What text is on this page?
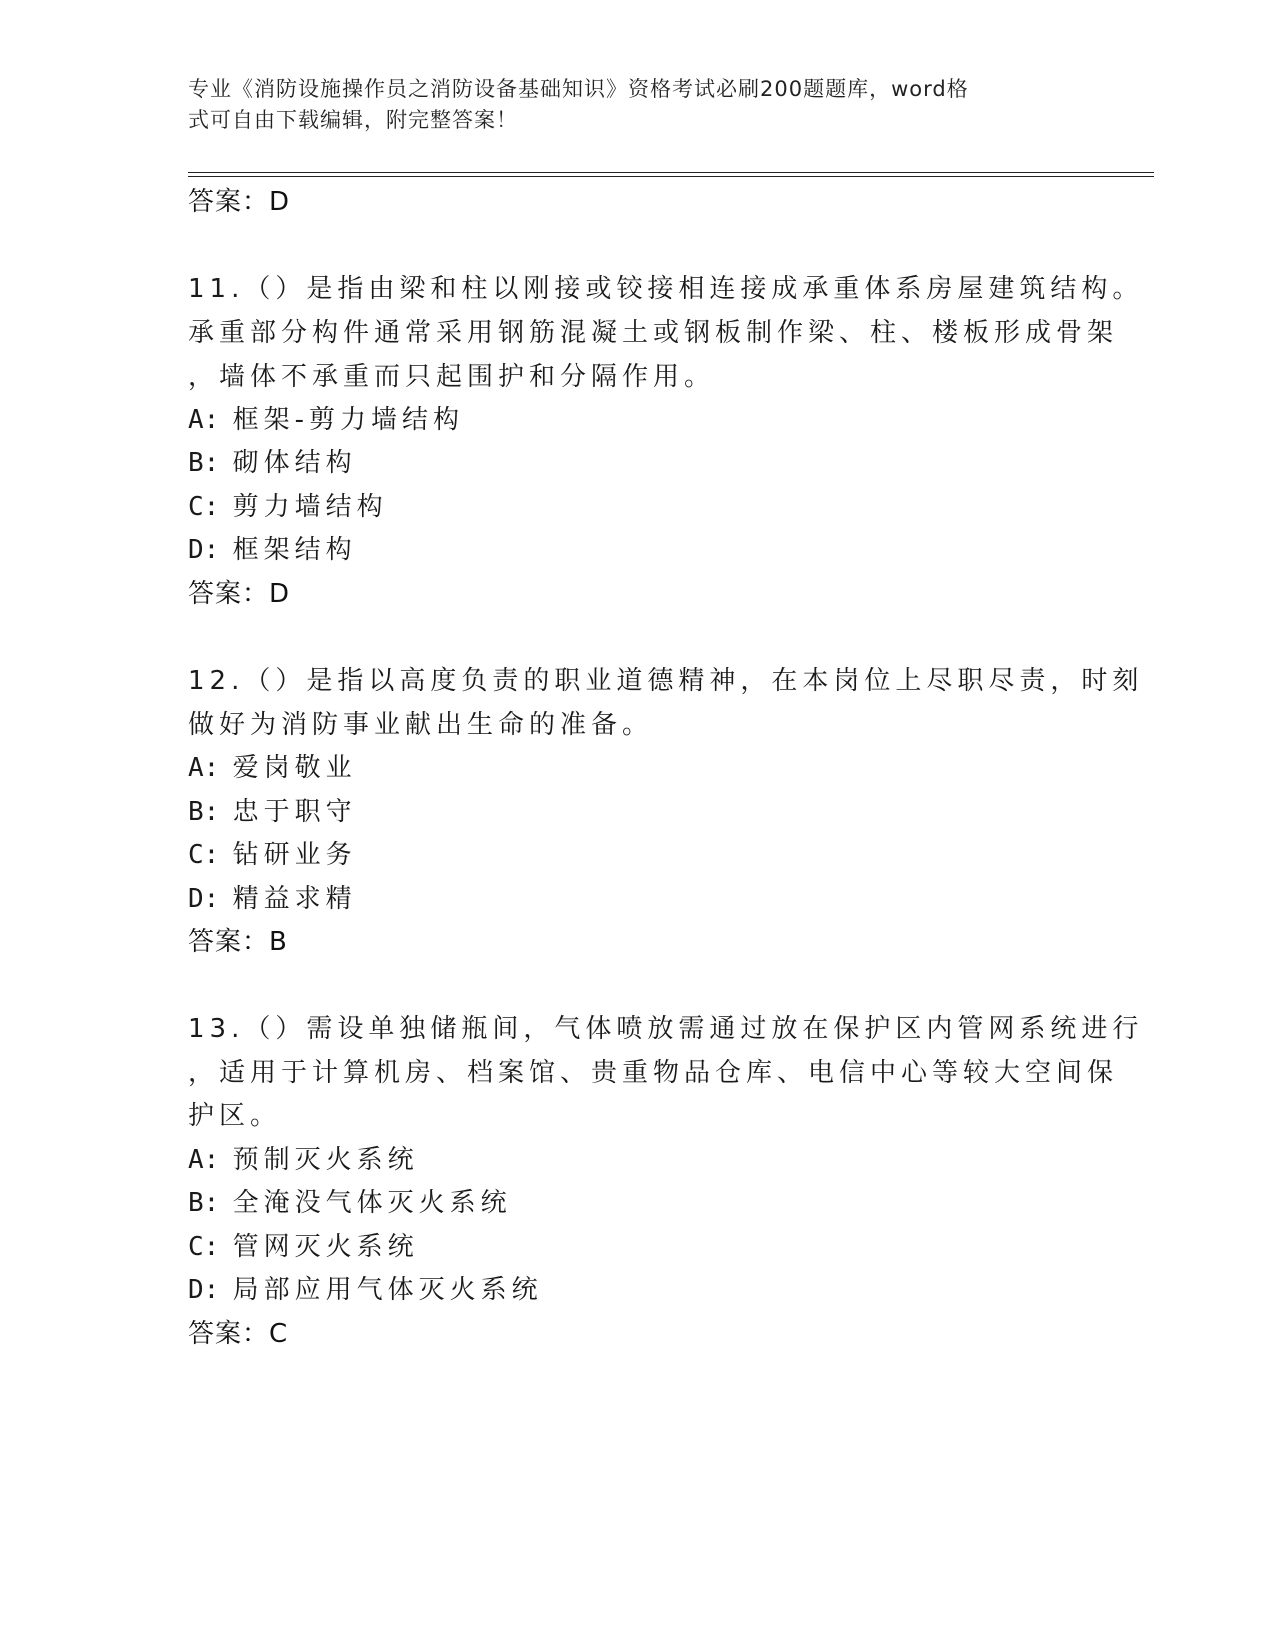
专业《消防设施操作员之消防设备基础知识》资格考试必刷200题题库，word格
式可自由下载编辑，附完整答案！
答案：D
11.（）是指由梁和柱以刚接或铰接相连接成承重体系房屋建筑结构。
承重部分构件通常采用钢筋混凝土或钢板制作梁、柱、楼板形成骨架
，墙体不承重而只起围护和分隔作用。
A: 框架-剪力墙结构
B: 砌体结构
C: 剪力墙结构
D: 框架结构
答案：D
12.（）是指以高度负责的职业道德精神，在本岗位上尽职尽责，时刻
做好为消防事业献出生命的准备。
A: 爱岗敬业
B: 忠于职守
C: 钻研业务
D: 精益求精
答案：B
13.（）需设单独储瓶间，气体喷放需通过放在保护区内管网系统进行
，适用于计算机房、档案馆、贵重物品仓库、电信中心等较大空间保
护区。
A: 预制灭火系统
B: 全淹没气体灭火系统
C: 管网灭火系统
D: 局部应用气体灭火系统
答案：C
